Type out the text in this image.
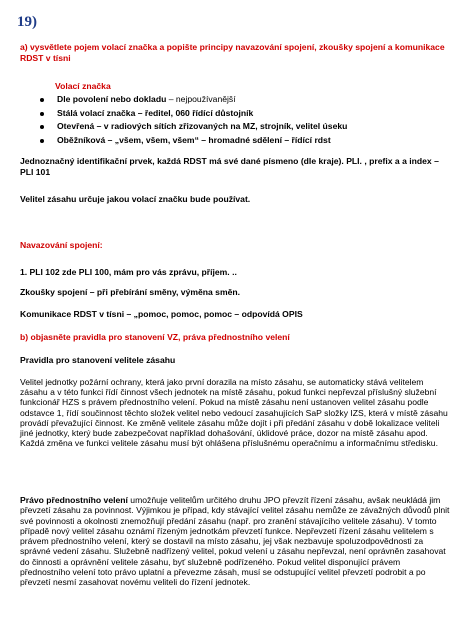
19)
a) vysvětlete pojem volací značka a popište principy navazování spojení, zkoušky spojení a komunikace RDST v tísni
Volací značka
Dle povolení nebo dokladu – nejpoužívanější
Stálá volací značka – ředitel, 060 řídící důstojník
Otevřená – v radiových sítích zřizovaných na MZ, strojník, velitel úseku
Oběžníková – „všem, všem, všem“ – hromadné sdělení – řídící rdst
Jednoznačný identifikační prvek, každá RDST má své dané písmeno (dle kraje). PLI. , prefix a a index – PLI 101
Velitel zásahu určuje jakou volací značku bude používat.
Navazování spojení:
1. PLI 102 zde PLI 100, mám pro vás zprávu, příjem. ..
Zkoušky spojení – při přebírání směny, výměna směn.
Komunikace RDST v tísni – „pomoc, pomoc, pomoc – odpovídá OPIS
b) objasněte pravidla pro stanovení VZ, práva přednostního velení
Pravidla pro stanovení velitele zásahu
Velitel jednotky požární ochrany, která jako první dorazila na místo zásahu, se automaticky stává velitelem zásahu a v této funkci řídí činnost všech jednotek na místě zásahu, pokud funkci nepřevzal příslušný služební funkcionář HZS s právem přednostního velení. Pokud na místě zásahu není ustanoven velitel zásahu podle odstavce 1, řídí součinnost těchto složek velitel nebo vedoucí zasahujících SaP složky IZS, která v místě zásahu provádí převažující činnost. Ke změně velitele zásahu může dojít i při předání zásahu v době lokalizace veliteli jiné jednotky, který bude zabezpečovat například dohašování, úklidové práce, dozor na místě zásahu apod. Každá změna ve funkci velitele zásahu musí být ohlášena příslušnému operačnímu a informačnímu středisku.
Právo přednostního velení umožňuje velitelům určitého druhu JPO převzít řízení zásahu, avšak neukládá jim převzetí zásahu za povinnost. Výjimkou je případ, kdy stávající velitel zásahu nemůže ze závažných důvodů plnit své povinnosti a okolnosti znemožňují předání zásahu (např. pro zranění stávajícího velitele zásahu). V tomto případě nový velitel zásahu oznámí řízeným jednotkám převzetí funkce. Nepřevzetí řízení zásahu velitelem s právem přednostního velení, který se dostavil na místo zásahu, jej však nezbavuje spoluzodpovědnosti za správné vedení zásahu. Služebně nadřízený velitel, pokud velení u zásahu nepřevzal, není oprávněn zasahovat do činnosti a oprávnění velitele zásahu, byť služebně podřízeného. Pokud velitel disponující právem přednostního velení toto právo uplatní a převezme zásah, musí se odstupující velitel převzetí podrobit a po převzetí nesmí zasahovat novému veliteli do řízení jednotek.
